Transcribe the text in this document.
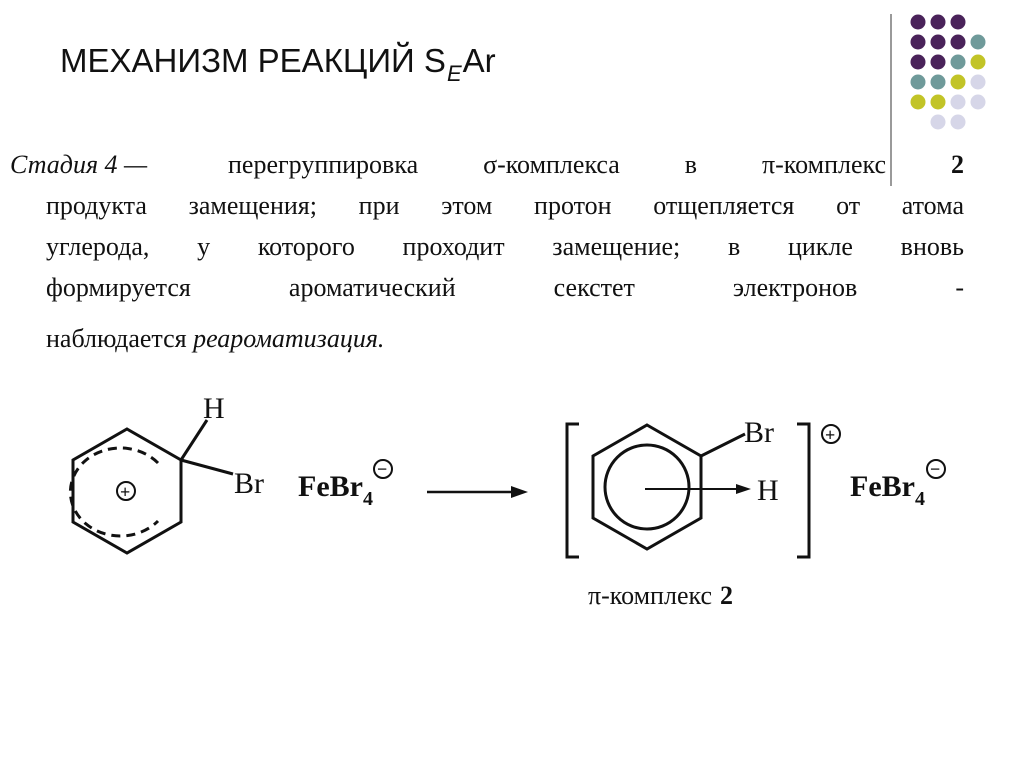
МЕХАНИЗМ РЕАКЦИЙ $S_EAr$
Стадия 4 —	перегруппировка σ-комплекса в π-комплекс 2
продукта замещения; при этом протон отщепляется от атома
углерода, у которого проходит замещение; в цикле вновь
формируется ароматический секстет электронов -
наблюдается реароматизация.
H
Br
+	FeBr$_4$
−
Br
H
+
FeBr$_4$
−
π-комплекс 2
